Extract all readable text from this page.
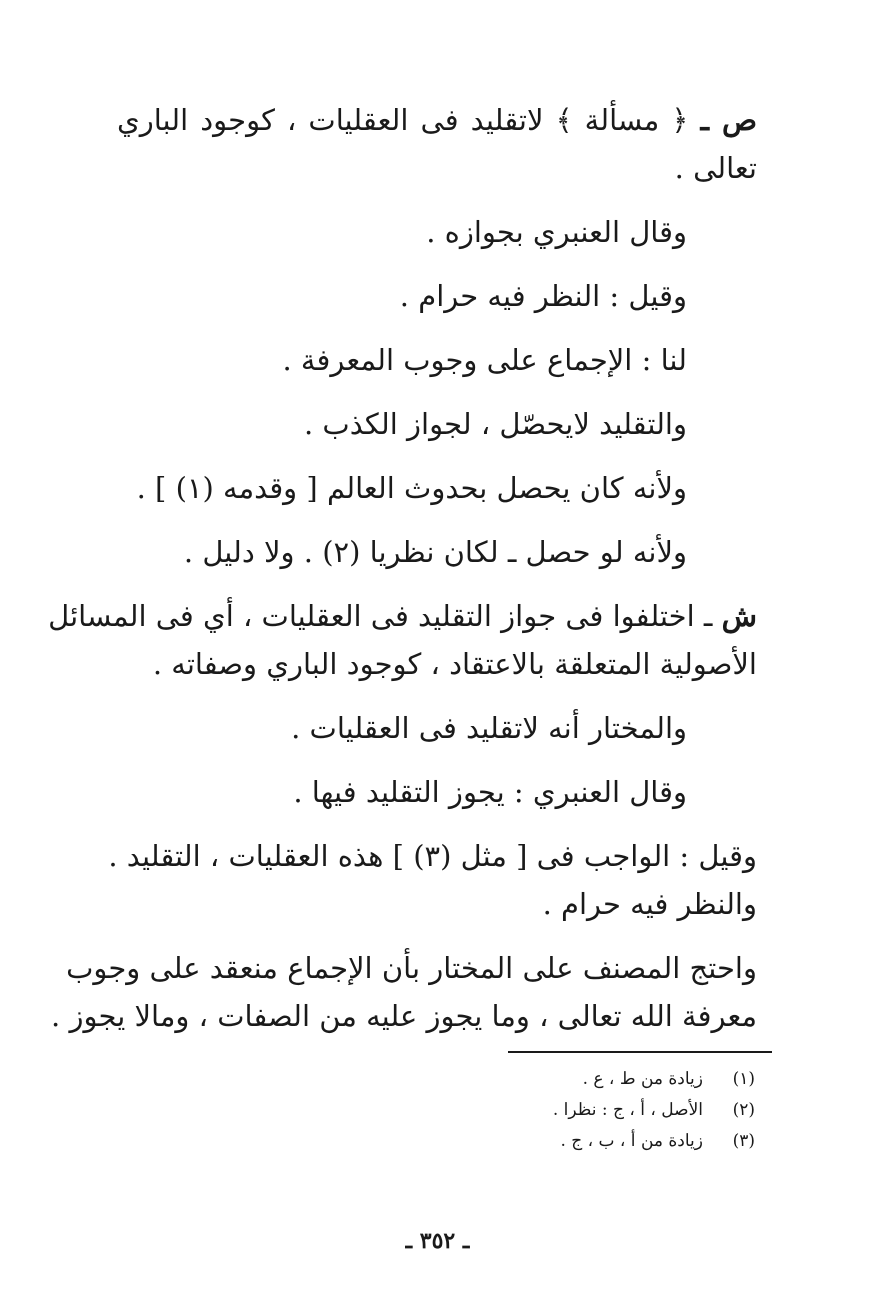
ص ـ ﴿ مسألة ﴾ لاتقليد فى العقليات ، كوجود الباري

تعالى .

وقال العنبري بجوازه .

وقيل : النظر فيه حرام .

لنا : الإجماع على وجوب المعرفة .

والتقليد لايحصّل ، لجواز الكذب .

ولأنه كان يحصل بحدوث العالم [ وقدمه (١) ] .

ولأنه لو حصل ـ لكان نظريا (٢) . ولا دليل .

ش ـ اختلفوا فى جواز التقليد فى العقليات ، أي فى المسائل

الأصولية المتعلقة بالاعتقاد ، كوجود الباري وصفاته .

والمختار أنه لاتقليد فى العقليات .

وقال العنبري : يجوز التقليد فيها .

وقيل : الواجب فى [ مثل (٣) ] هذه العقليات ، التقليد .

والنظر فيه حرام .

واحتج المصنف على المختار بأن الإجماع منعقد على وجوب

معرفة الله تعالى ، وما يجوز عليه من الصفات ، ومالا يجوز .

(١)زيادة من ط ، ع .
(٢)الأصل ، أ ، ج : نظرا .
(٣)زيادة من أ ، ب ، ج .
ـ ٣٥٢ ـ
